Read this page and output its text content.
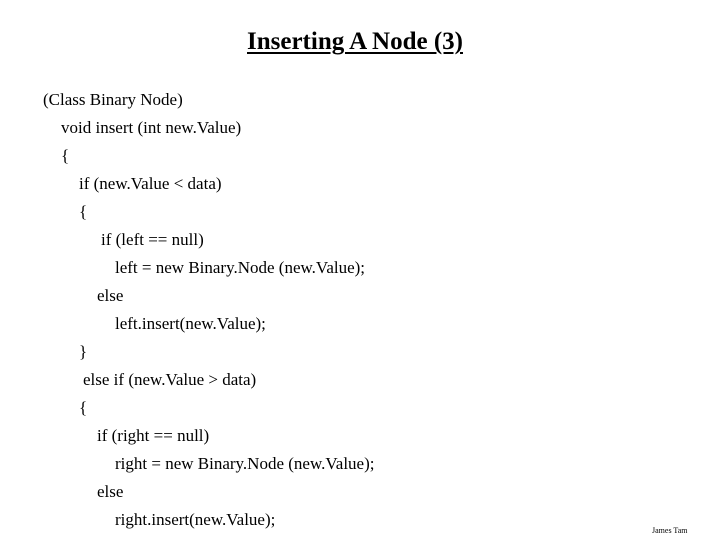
Inserting A Node (3)
(Class Binary Node)
void insert (int new.Value)
{
if (new.Value < data)
{
if (left == null)
left = new Binary.Node (new.Value);
else
left.insert(new.Value);
}
else if (new.Value > data)
{
if (right == null)
right = new Binary.Node (new.Value);
else
right.insert(new.Value);
James Tam
